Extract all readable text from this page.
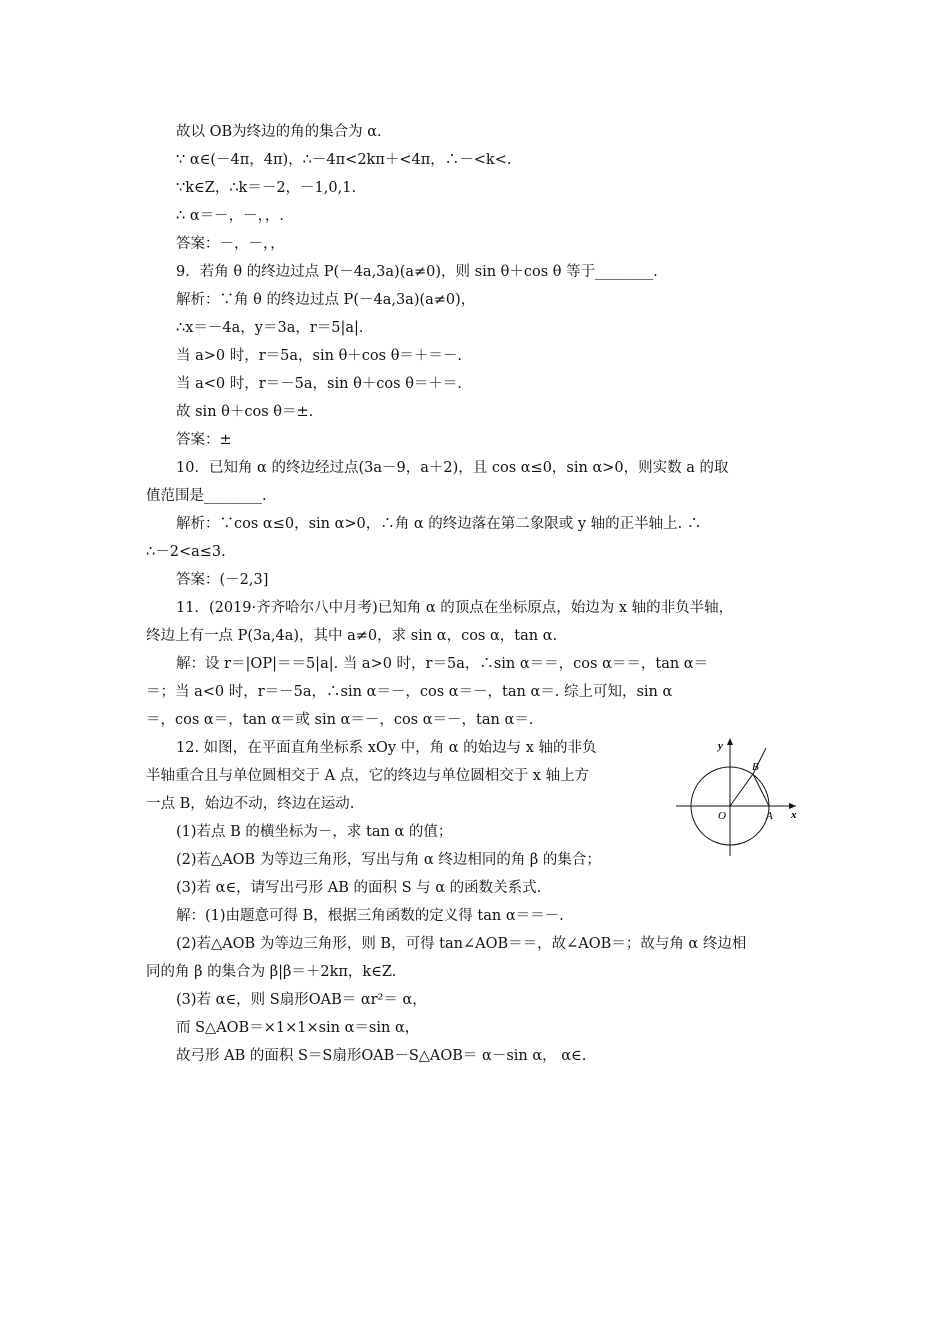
故以 OB为终边的角的集合为 α.
∵ α∈(－4π，4π)，∴－4π<2kπ＋<4π，∴－<k<.
∵k∈Z，∴k＝－2，－1,0,1.
∴ α＝－，－，，.
答案：－，－，，
9．若角 θ 的终边过点 P(－4a,3a)(a≠0)，则 sin θ＋cos θ 等于________.
解析：∵角 θ 的终边过点 P(－4a,3a)(a≠0)，
∴x＝－4a，y＝3a，r＝5|a|.
当 a>0 时，r＝5a，sin θ＋cos θ＝＋＝－.
当 a<0 时，r＝－5a，sin θ＋cos θ＝＋＝.
故 sin θ＋cos θ＝±.
答案：±
10．已知角 α 的终边经过点(3a－9，a＋2)，且 cos α≤0，sin α>0，则实数 a 的取
值范围是________.
解析：∵cos α≤0，sin α>0，∴角 α 的终边落在第二象限或 y 轴的正半轴上. ∴
∴－2<a≤3.
答案：(－2,3]
11．(2019·齐齐哈尔八中月考)已知角 α 的顶点在坐标原点，始边为 x 轴的非负半轴，
终边上有一点 P(3a,4a)，其中 a≠0，求 sin α，cos α，tan α.
解：设 r＝|OP|＝＝5|a|. 当 a>0 时，r＝5a，∴sin α＝＝，cos α＝＝，tan α＝
＝；当 a<0 时，r＝－5a，∴sin α＝－，cos α＝－，tan α＝. 综上可知，sin α
＝，cos α＝，tan α＝或 sin α＝－，cos α＝－，tan α＝.
12. 如图，在平面直角坐标系 xOy 中，角 α 的始边与 x 轴的非负
半轴重合且与单位圆相交于 A 点，它的终边与单位圆相交于 x 轴上方
一点 B，始边不动，终边在运动.
(1)若点 B 的横坐标为－，求 tan α 的值；
(2)若△AOB 为等边三角形，写出与角 α 终边相同的角 β 的集合；
(3)若 α∈，请写出弓形 AB 的面积 S 与 α 的函数关系式.
解：(1)由题意可得 B，根据三角函数的定义得 tan α＝＝－.
(2)若△AOB 为等边三角形，则 B，可得 tan∠AOB＝＝，故∠AOB＝；故与角 α 终边相
同的角 β 的集合为 β|β＝＋2kπ，k∈Z.
(3)若 α∈，则 S扇形OAB＝ αr²＝ α，
而 S△AOB＝×1×1×sin α＝sin α，
故弓形 AB 的面积 S＝S扇形OAB－S△AOB＝ α－sin α， α∈.
y
x
O	A
B
